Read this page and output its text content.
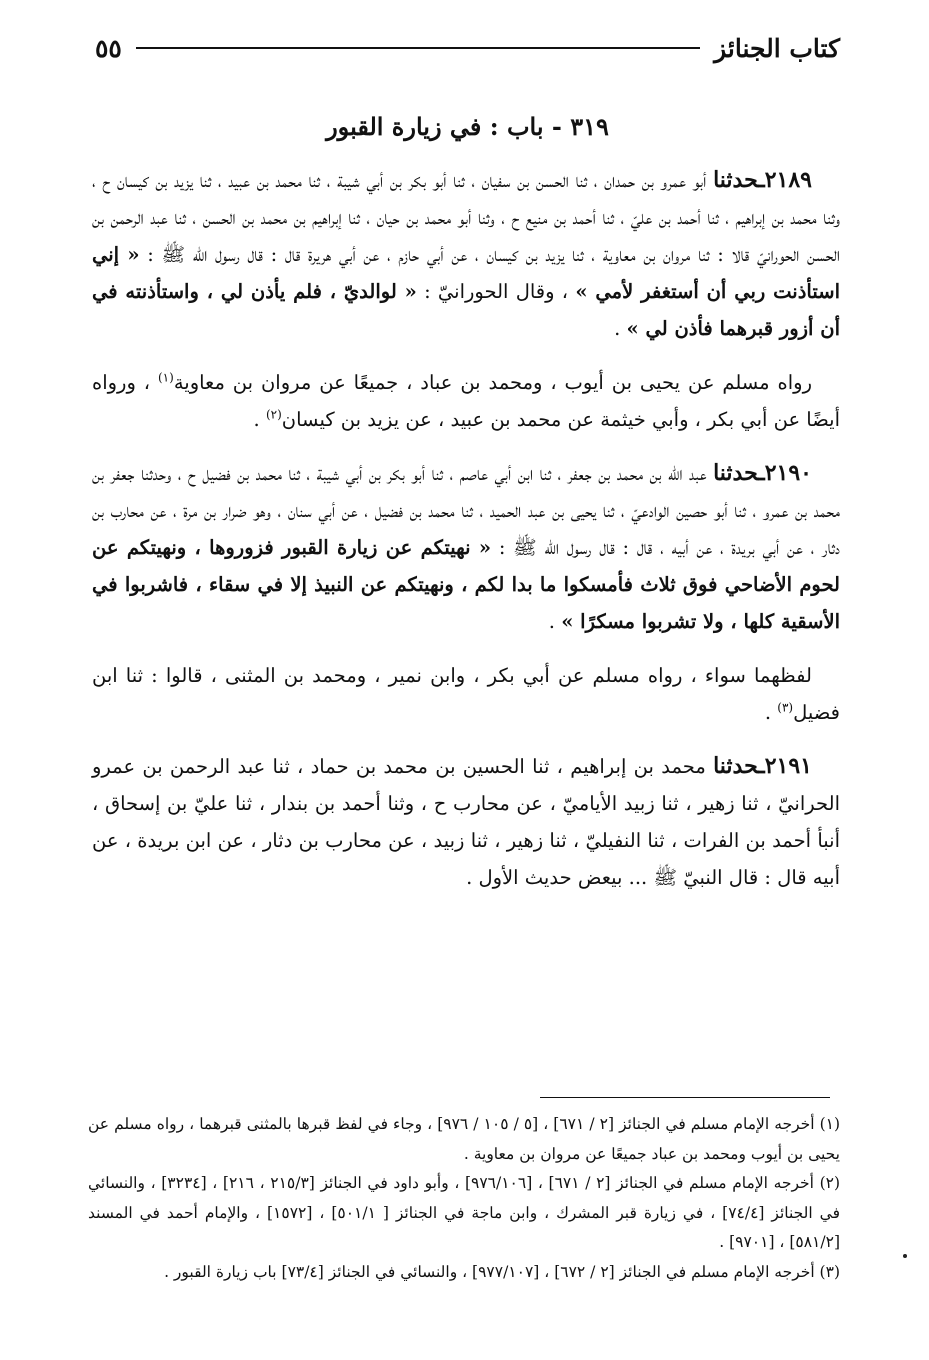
كتاب الجنائز
٥٥
٣١٩ - باب : في زيارة القبور

٢١٨٩ـحدثنا أبو عمرو بن حمدان ، ثنا الحسن بن سفيان ، ثنا أبو بكر بن أبي شيبة ، ثنا محمد بن عبيد ، ثنا يزيد بن كيسان ح ، وثنا محمد بن إبراهيم ، ثنا أحمد بن عليّ ، ثنا أحمد بن منيع ح ، وثنا أبو محمد بن حيان ، ثنا إبراهيم بن محمد بن الحسن ، ثنا عبد الرحمن بن الحسن الحورانيّ قالا : ثنا مروان بن معاوية ، ثنا يزيد بن كيسان ، عن أبي حازم ، عن أبي هريرة قال : قال رسول الله ﷺ : « إني استأذنت ربي أن أستغفر لأمي » ، وقال الحورانيّ : « لوالديّ ، فلم يأذن لي ، واستأذنته في أن أزور قبرهما فأذن لي » .

رواه مسلم عن يحيى بن أيوب ، ومحمد بن عباد ، جميعًا عن مروان بن معاوية$^{(١)}$ ، ورواه أيضًا عن أبي بكر ، وأبي خيثمة عن محمد بن عبيد ، عن يزيد بن كيسان$^{(٢)}$ .

٢١٩٠ـحدثنا عبد الله بن محمد بن جعفر ، ثنا ابن أبي عاصم ، ثنا أبو بكر بن أبي شيبة ، ثنا محمد بن فضيل ح ، وحدثنا جعفر بن محمد بن عمرو ، ثنا أبو حصين الوادعيّ ، ثنا يحيى بن عبد الحميد ، ثنا محمد بن فضيل ، عن أبي سنان ، وهو ضرار بن مرة ، عن محارب بن دثار ، عن أبي بريدة ، عن أبيه ، قال : قال رسول الله ﷺ : « نهيتكم عن زيارة القبور فزوروها ، ونهيتكم عن لحوم الأضاحي فوق ثلاث فأمسكوا ما بدا لكم ، ونهيتكم عن النبيذ إلا في سقاء ، فاشربوا في الأسقية كلها ، ولا تشربوا مسكرًا » .

لفظهما سواء ، رواه مسلم عن أبي بكر ، وابن نمير ، ومحمد بن المثنى ، قالوا : ثنا ابن فضيل$^{(٣)}$ .

٢١٩١ـحدثنا محمد بن إبراهيم ، ثنا الحسين بن محمد بن حماد ، ثنا عبد الرحمن بن عمرو الحرانيّ ، ثنا زهير ، ثنا زبيد الأياميّ ، عن محارب ح ، وثنا أحمد بن بندار ، ثنا عليّ بن إسحاق ، أنبأ أحمد بن الفرات ، ثنا النفيليّ ، ثنا زهير ، ثنا زبيد ، عن محارب بن دثار ، عن ابن بريدة ، عن أبيه قال : قال النبيّ ﷺ ... بيعض حديث الأول .

(١) أخرجه الإمام مسلم في الجنائز [٢ / ٦٧١] ، [٥ / ١٠٥ / ٩٧٦] ، وجاء في لفظ قبرها بالمثنى قبرهما ، رواه مسلم عن يحيى بن أيوب ومحمد بن عباد جميعًا عن مروان بن معاوية .

(٢) أخرجه الإمام مسلم في الجنائز [٢ / ٦٧١] ، [٩٧٦/١٠٦] ، وأبو داود في الجنائز [٢١٥/٣ ، ٢١٦] ، [٣٢٣٤] ، والنسائي في الجنائز [٧٤/٤] ، في زيارة قبر المشرك ، وابن ماجة في الجنائز [ ٥٠١/١] ، [١٥٧٢] ، والإمام أحمد في المسند [٥٨١/٢] ، [٩٧٠١] .

(٣) أخرجه الإمام مسلم في الجنائز [٢ / ٦٧٢] ، [٩٧٧/١٠٧] ، والنسائي في الجنائز [٧٣/٤] باب زيارة القبور .
